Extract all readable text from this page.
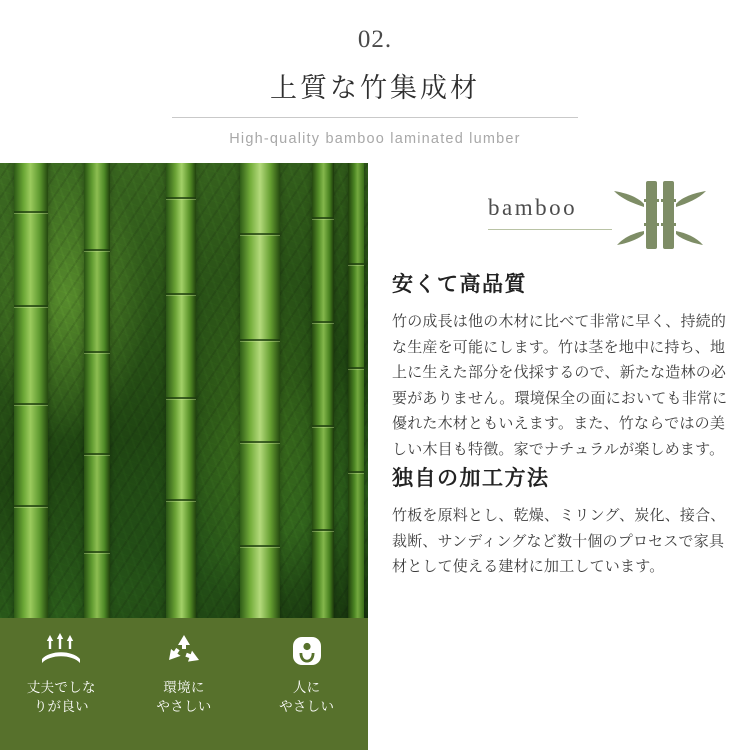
02.
上質な竹集成材
High-quality bamboo laminated lumber
丈夫でしな
りが良い
環境に
やさしい
人に
やさしい
bamboo
安くて高品質

竹の成長は他の木材に比べて非常に早く、持続的な生産を可能にします。竹は茎を地中に持ち、地上に生えた部分を伐採するので、新たな造林の必要がありません。環境保全の面においても非常に優れた木材ともいえます。また、竹ならではの美しい木目も特徴。家でナチュラルが楽しめます。

独自の加工方法

竹板を原料とし、乾燥、ミリング、炭化、接合、裁断、サンディングなど数十個のプロセスで家具材として使える建材に加工しています。
